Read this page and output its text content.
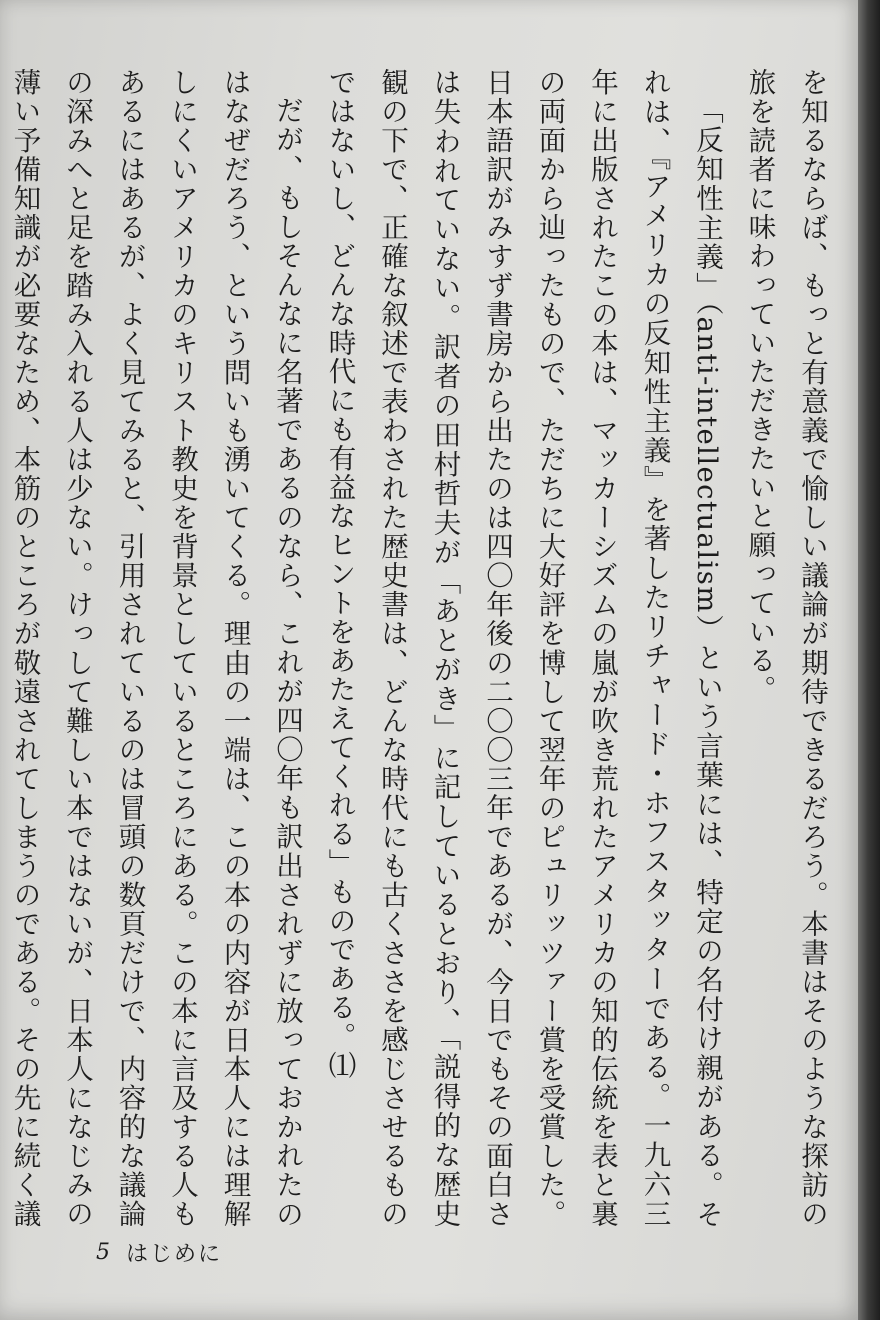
を知るならば、もっと有意義で愉しい議論が期待できるだろう。本書はそのような探訪の旅を読者に味わっていただきたいと願っている。

「反知性主義」（anti-intellectualism）という言葉には、特定の名付け親がある。それは、『アメリカの反知性主義』を著したリチャード・ホフスタッターである。一九六三年に出版されたこの本は、マッカーシズムの嵐が吹き荒れたアメリカの知的伝統を表と裏の両面から辿ったもので、ただちに大好評を博して翌年のピュリッツァー賞を受賞した。日本語訳がみすず書房から出たのは四〇年後の二〇〇三年であるが、今日でもその面白さは失われていない。訳者の田村哲夫が「あとがき」に記しているとおり、「説得的な歴史観の下で、正確な叙述で表わされた歴史書は、どんな時代にも古くささを感じさせるものではないし、どんな時代にも有益なヒントをあたえてくれる」ものである。⑴

だが、もしそんなに名著であるのなら、これが四〇年も訳出されずに放っておかれたのはなぜだろう、という問いも湧いてくる。理由の一端は、この本の内容が日本人には理解しにくいアメリカのキリスト教史を背景としているところにある。この本に言及する人もあるにはあるが、よく見てみると、引用されているのは冒頭の数頁だけで、内容的な議論の深みへと足を踏み入れる人は少ない。けっして難しい本ではないが、日本人になじみの薄い予備知識が必要なため、本筋のところが敬遠されてしまうのである。その先に続く議

5 はじめに
